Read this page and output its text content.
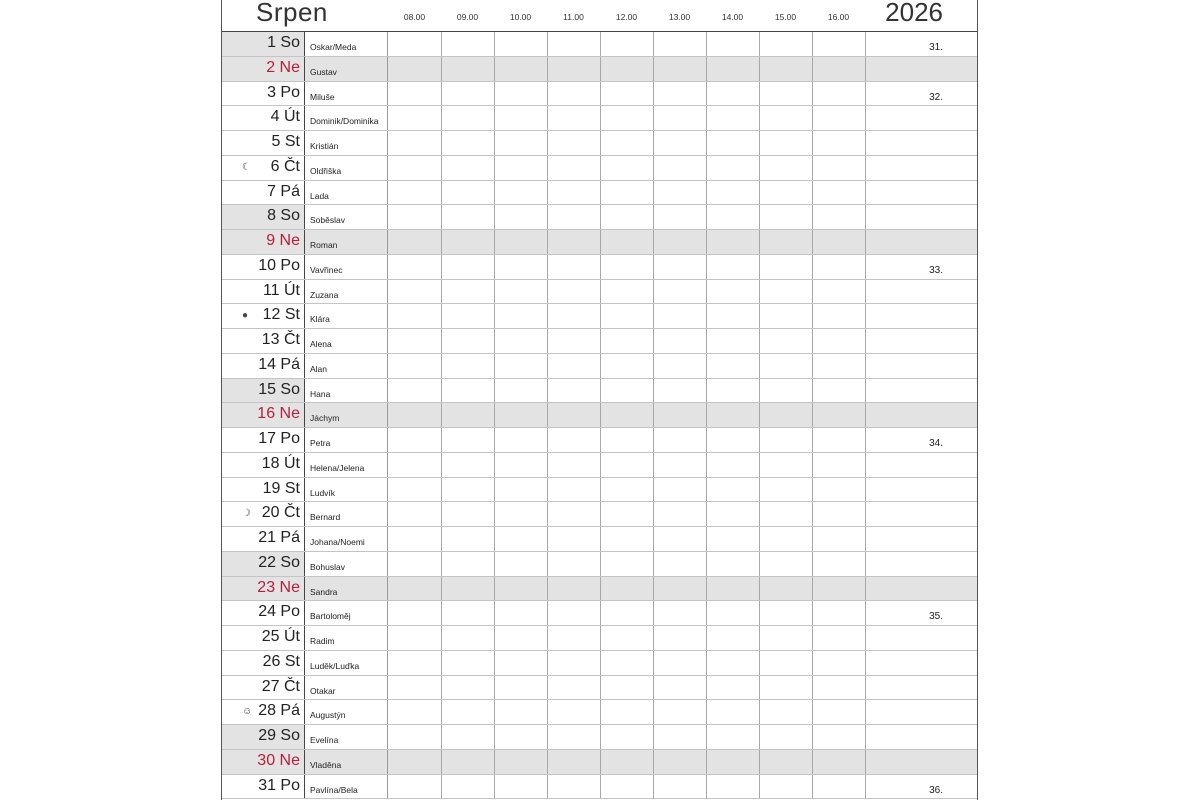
Srpen	08.00	09.00	10.00	11.00	12.00	13.00	14.00	15.00	16.00	2026
1 So Oskar/Meda	31.
2 Ne Gustav
3 Po Miluše	32.
4 Út Dominik/Dominika
5 St Kristián
☾ 6 Čt Oldřiška
7 Pá Lada
8 So Soběslav
9 Ne Roman
10 Po Vavřinec	33.
11 Út Zuzana
● 12 St Klára
13 Čt Alena
14 Pá Alan
15 So Hana
16 Ne Jáchym
17 Po Petra	34.
18 Út Helena/Jelena
19 St Ludvík
☽ 20 Čt Bernard
21 Pá Johana/Noemi
22 So Bohuslav
23 Ne Sandra
24 Po Bartoloměj	35.
25 Út Radim
26 St Luděk/Luďka
27 Čt Otakar
☺ 28 Pá Augustýn
29 So Evelína
30 Ne Vladěna
31 Po Pavlína/Bela	36.
